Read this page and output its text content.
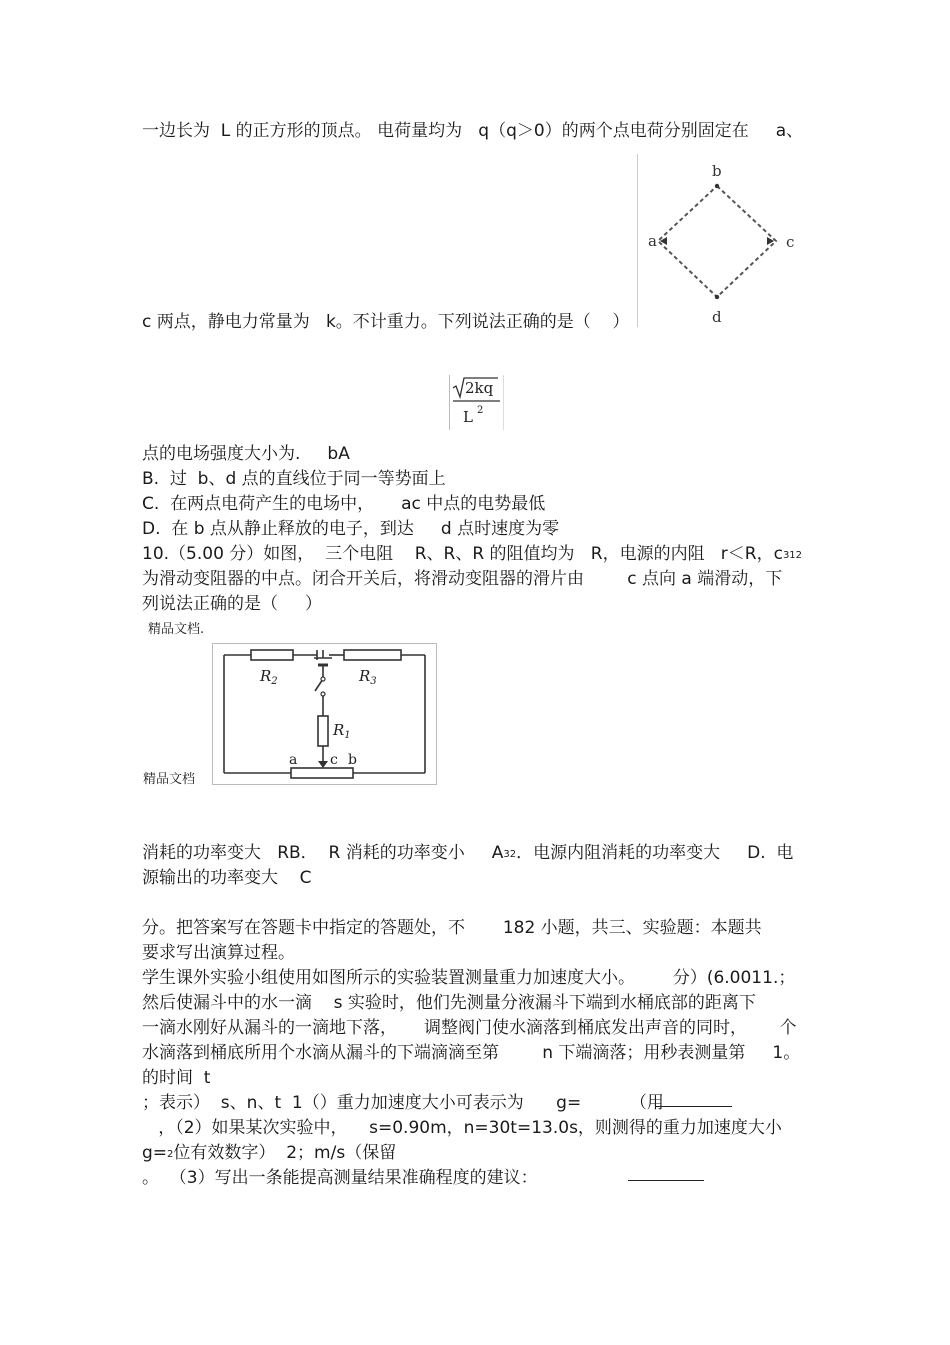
一边长为  L 的正方形的顶点。 电荷量均为   q（q＞0）的两个点电荷分别固定在     a、
c 两点，静电力常量为   k。不计重力。下列说法正确的是（    ）
点的电场强度大小为.     bA
B.  过  b、d 点的直线位于同一等势面上
C.  在两点电荷产生的电场中，     ac 中点的电势最低
D.  在 b 点从静止释放的电子，到达     d 点时速度为零
10.（5.00 分）如图，  三个电阻    R、R、R 的阻值均为   R，电源的内阻   r＜R，c312
为滑动变阻器的中点。闭合开关后，将滑动变阻器的滑片由        c 点向 a 端滑动，下
列说法正确的是（     ）
精品文档.
精品文档
消耗的功率变大   RB．  R 消耗的功率变小     A32．电源内阻消耗的功率变大     D.  电
源输出的功率变大    C
分。把答案写在答题卡中指定的答题处，不       182 小题，共三、实验题：本题共
要求写出演算过程。
学生课外实验小组使用如图所示的实验装置测量重力加速度大小。       分）(6.0011.；
然后使漏斗中的水一滴    s 实验时，他们先测量分液漏斗下端到水桶底部的距离下
一滴水刚好从漏斗的一滴地下落，     调整阀门使水滴落到桶底发出声音的同时，      个
水滴落到桶底所用个水滴从漏斗的下端滴滴至第        n 下端滴落；用秒表测量第     1。
的时间  t
；表示）  s、n、t  1（）重力加速度大小可表示为      g=         （用
，（2）如果某次实验中，    s=0.90m，n=30t=13.0s，则测得的重力加速度大小
g=2位有效数字）  2；m/s（保留
。  （3）写出一条能提高测量结果准确程度的建议：
b
a	c
d
2kq
L 2
$R_2$	$R_3$
$R_1$
a c b
